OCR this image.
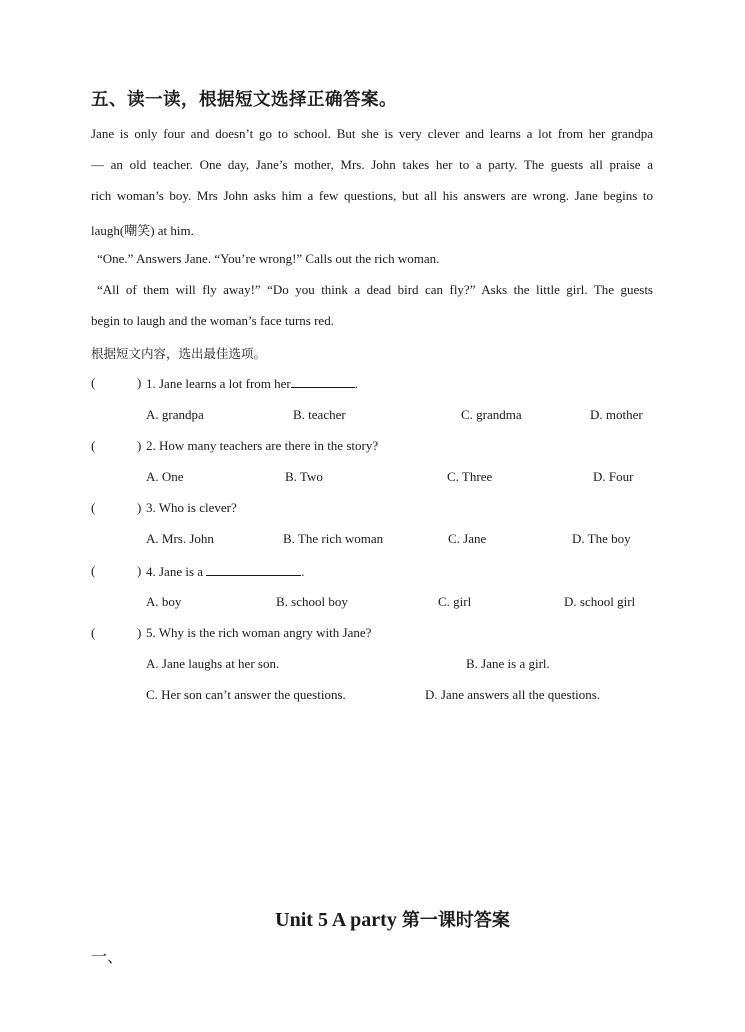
五、读一读，根据短文选择正确答案。
Jane is only four and doesn’t go to school. But she is very clever and learns a lot from her grandpa
— an old teacher. One day, Jane’s mother, Mrs. John takes her to a party. The guests all praise a
rich woman’s boy. Mrs John asks him a few questions, but all his answers are wrong. Jane begins to
laugh(嘲笑) at him.
“One.” Answers Jane. “You’re wrong!” Calls out the rich woman.
“All of them will fly away!” “Do you think a dead bird can fly?” Asks the little girl. The guests
begin to laugh and the woman’s face turns red.
根据短文内容，选出最佳选项。
(	) 1. Jane learns a lot from her	.
A. grandpa	B. teacher	C. grandma	D. mother
(	) 2. How many teachers are there in the story?
A. One	B. Two	C. Three	D. Four
(	) 3. Who is clever?
A. Mrs. John	B. The rich woman	C. Jane	D. The boy
(	) 4. Jane is a	.
A. boy	B. school boy	C. girl	D. school girl
(	) 5. Why is the rich woman angry with Jane?
A. Jane laughs at her son.	B. Jane is a girl.
C. Her son can’t answer the questions.	D. Jane answers all the questions.
Unit 5 A party 第一课时答案
一、
